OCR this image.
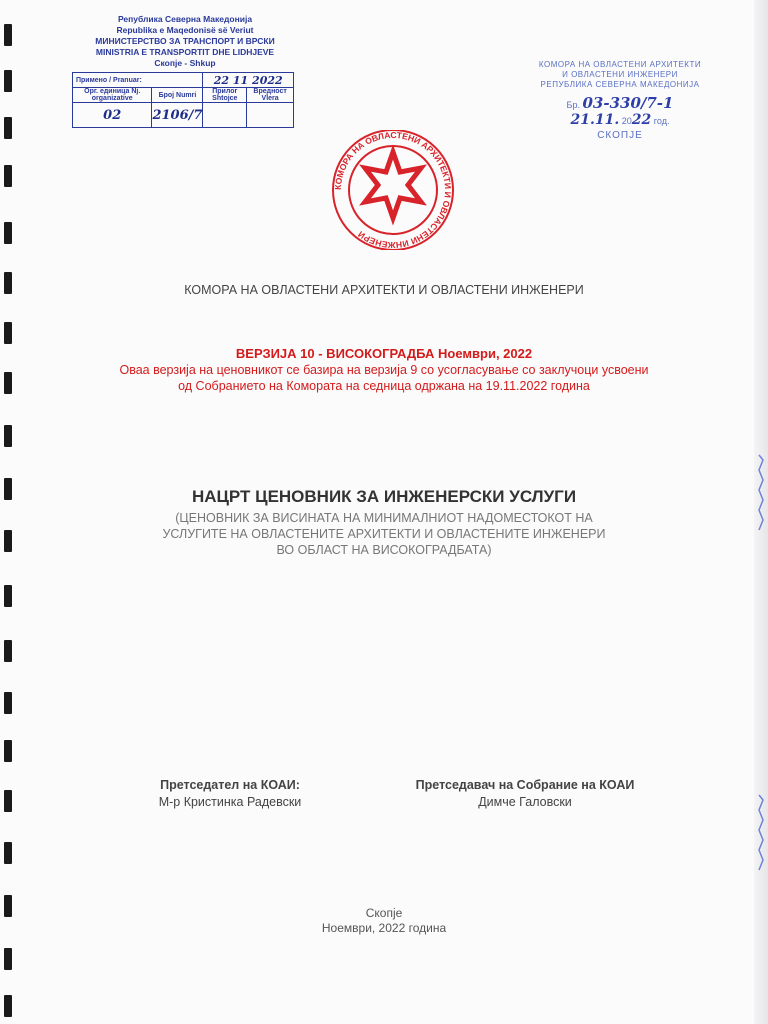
Република Северна Македонија
Republika e Maqedonisë së Veriut
МИНИСТЕРСТВО ЗА ТРАНСПОРТ И ВРСКИ
MINISTRIA E TRANSPORTIT DHE LIDHJEVE
Скопје - Shkup
Примено / Pranuar:		22 11 2022	
Орг. единица Nj. organizative	Број Numri	Прилог Shtojce	Вредност Vlera
02	2106/7		
КОМОРА НА ОВЛАСТЕНИ АРХИТЕКТИ
И ОВЛАСТЕНИ ИНЖЕНЕРИ
РЕПУБЛИКА СЕВЕРНА МАКЕДОНИЈА
Бр. 03-330/7-1
21.11. 2022 год.
СКОПЈЕ
КОМОРА НА ОВЛАСТЕНИ АРХИТЕКТИ И ОВЛАСТЕНИ ИНЖЕНЕРИ
КОМОРА НА ОВЛАСТЕНИ АРХИТЕКТИ И ОВЛАСТЕНИ ИНЖЕНЕРИ
ВЕРЗИЈА 10 - ВИСОКОГРАДБА Ноември, 2022
Оваа верзија на ценовникот се базира на верзија 9 со усогласување со заклучоци усвоени
од Собранието на Комората на седница одржана на 19.11.2022 година
НАЦРТ ЦЕНОВНИК ЗА ИНЖЕНЕРСКИ УСЛУГИ
(ЦЕНОВНИК ЗА ВИСИНАТА НА МИНИМАЛНИОТ НАДОМЕСТОКОТ НА
УСЛУГИТЕ НА ОВЛАСТЕНИТЕ АРХИТЕКТИ И ОВЛАСТЕНИТЕ ИНЖЕНЕРИ
ВО ОБЛАСТ НА ВИСОКОГРАДБАТА)
Претседател на КОАИ:
М-р Кристинка Радевски
Претседавач на Собрание на КОАИ
Димче Галовски
Скопје
Ноември, 2022 година
